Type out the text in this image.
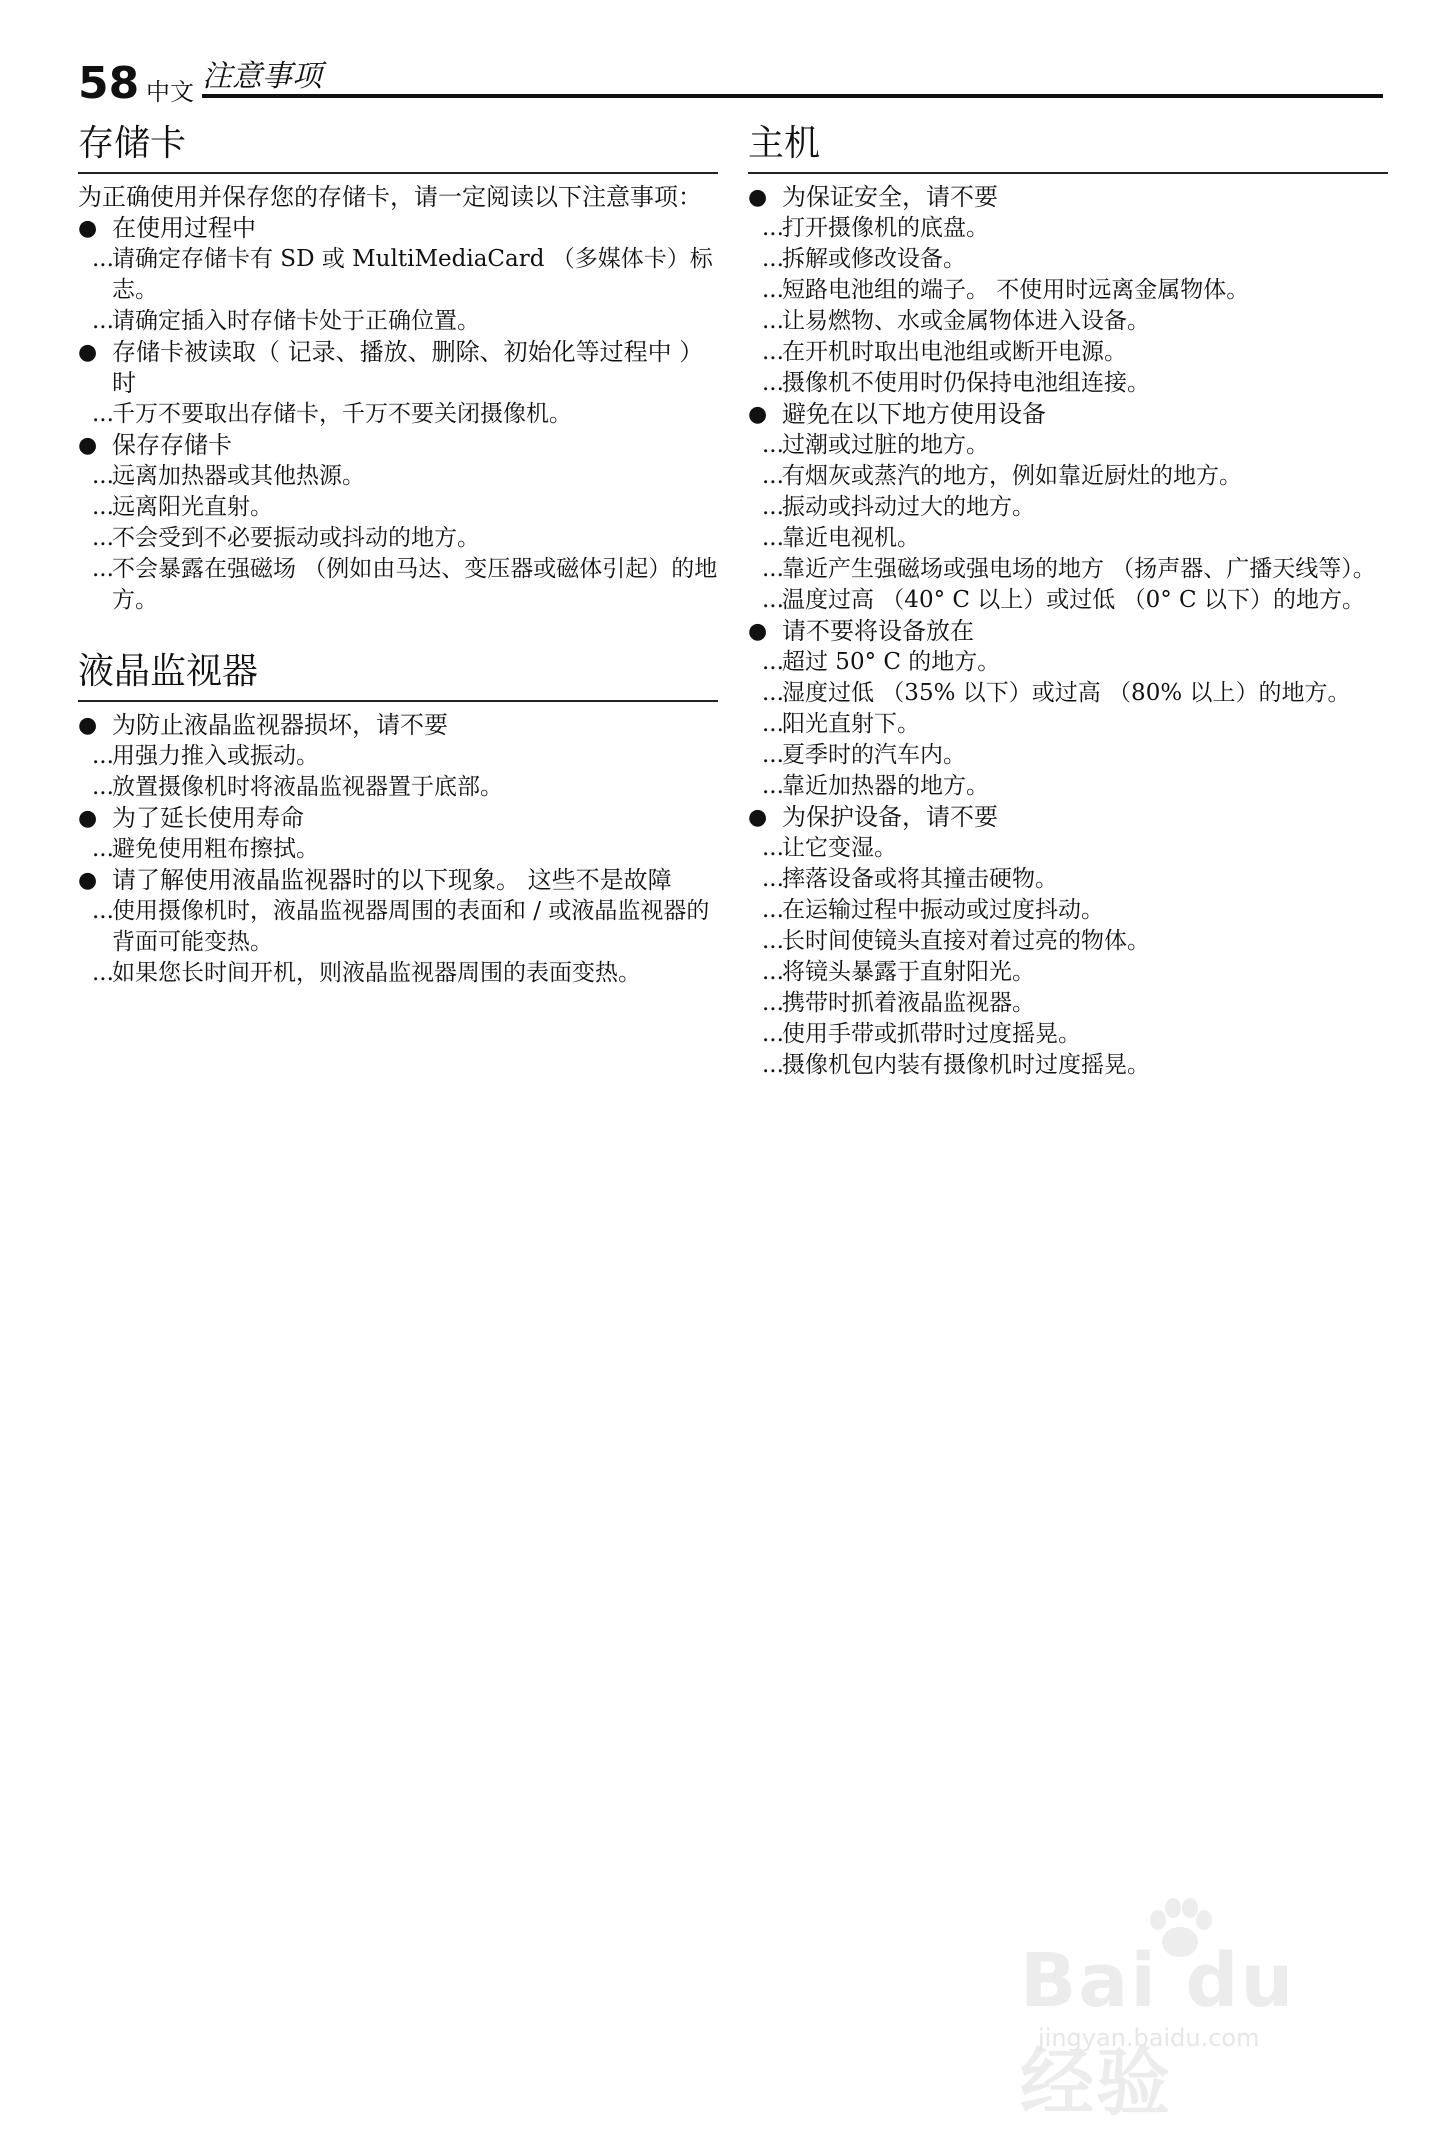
58 中文 注意事项
存储卡
为正确使用并保存您的存储卡，请一定阅读以下注意事项：
● 在使用过程中
...
请确定存储卡有 SD 或 MultiMediaCard （多媒体卡）标志。
...
请确定插入时存储卡处于正确位置。
● 存储卡被读取（ 记录、播放、删除、初始化等过程中 ）时
...
千万不要取出存储卡，千万不要关闭摄像机。
● 保存存储卡
...
远离加热器或其他热源。
...
远离阳光直射。
...
不会受到不必要振动或抖动的地方。
...
不会暴露在强磁场 （例如由马达、变压器或磁体引起）的地方。
液晶监视器
● 为防止液晶监视器损坏，请不要
...
用强力推入或振动。
...
放置摄像机时将液晶监视器置于底部。
● 为了延长使用寿命
...
避免使用粗布擦拭。
● 请了解使用液晶监视器时的以下现象。 这些不是故障
...
使用摄像机时，液晶监视器周围的表面和 / 或液晶监视器的背面可能变热。
...
如果您长时间开机，则液晶监视器周围的表面变热。
主机
● 为保证安全，请不要
...
打开摄像机的底盘。
...
拆解或修改设备。
...
短路电池组的端子。 不使用时远离金属物体。
...
让易燃物、水或金属物体进入设备。
...
在开机时取出电池组或断开电源。
...
摄像机不使用时仍保持电池组连接。
● 避免在以下地方使用设备
...
过潮或过脏的地方。
...
有烟灰或蒸汽的地方，例如靠近厨灶的地方。
...
振动或抖动过大的地方。
...
靠近电视机。
...
靠近产生强磁场或强电场的地方 （扬声器、广播天线等）。
...
温度过高 （40° C 以上）或过低 （0° C 以下）的地方。
● 请不要将设备放在
...
超过 50° C 的地方。
...
湿度过低 （35% 以下）或过高 （80% 以上）的地方。
...
阳光直射下。
...
夏季时的汽车内。
...
靠近加热器的地方。
● 为保护设备，请不要
...
让它变湿。
...
摔落设备或将其撞击硬物。
...
在运输过程中振动或过度抖动。
...
长时间使镜头直接对着过亮的物体。
...
将镜头暴露于直射阳光。
...
携带时抓着液晶监视器。
...
使用手带或抓带时过度摇晃。
...
摄像机包内装有摄像机时过度摇晃。
Bai du 经验
jingyan.baidu.com
